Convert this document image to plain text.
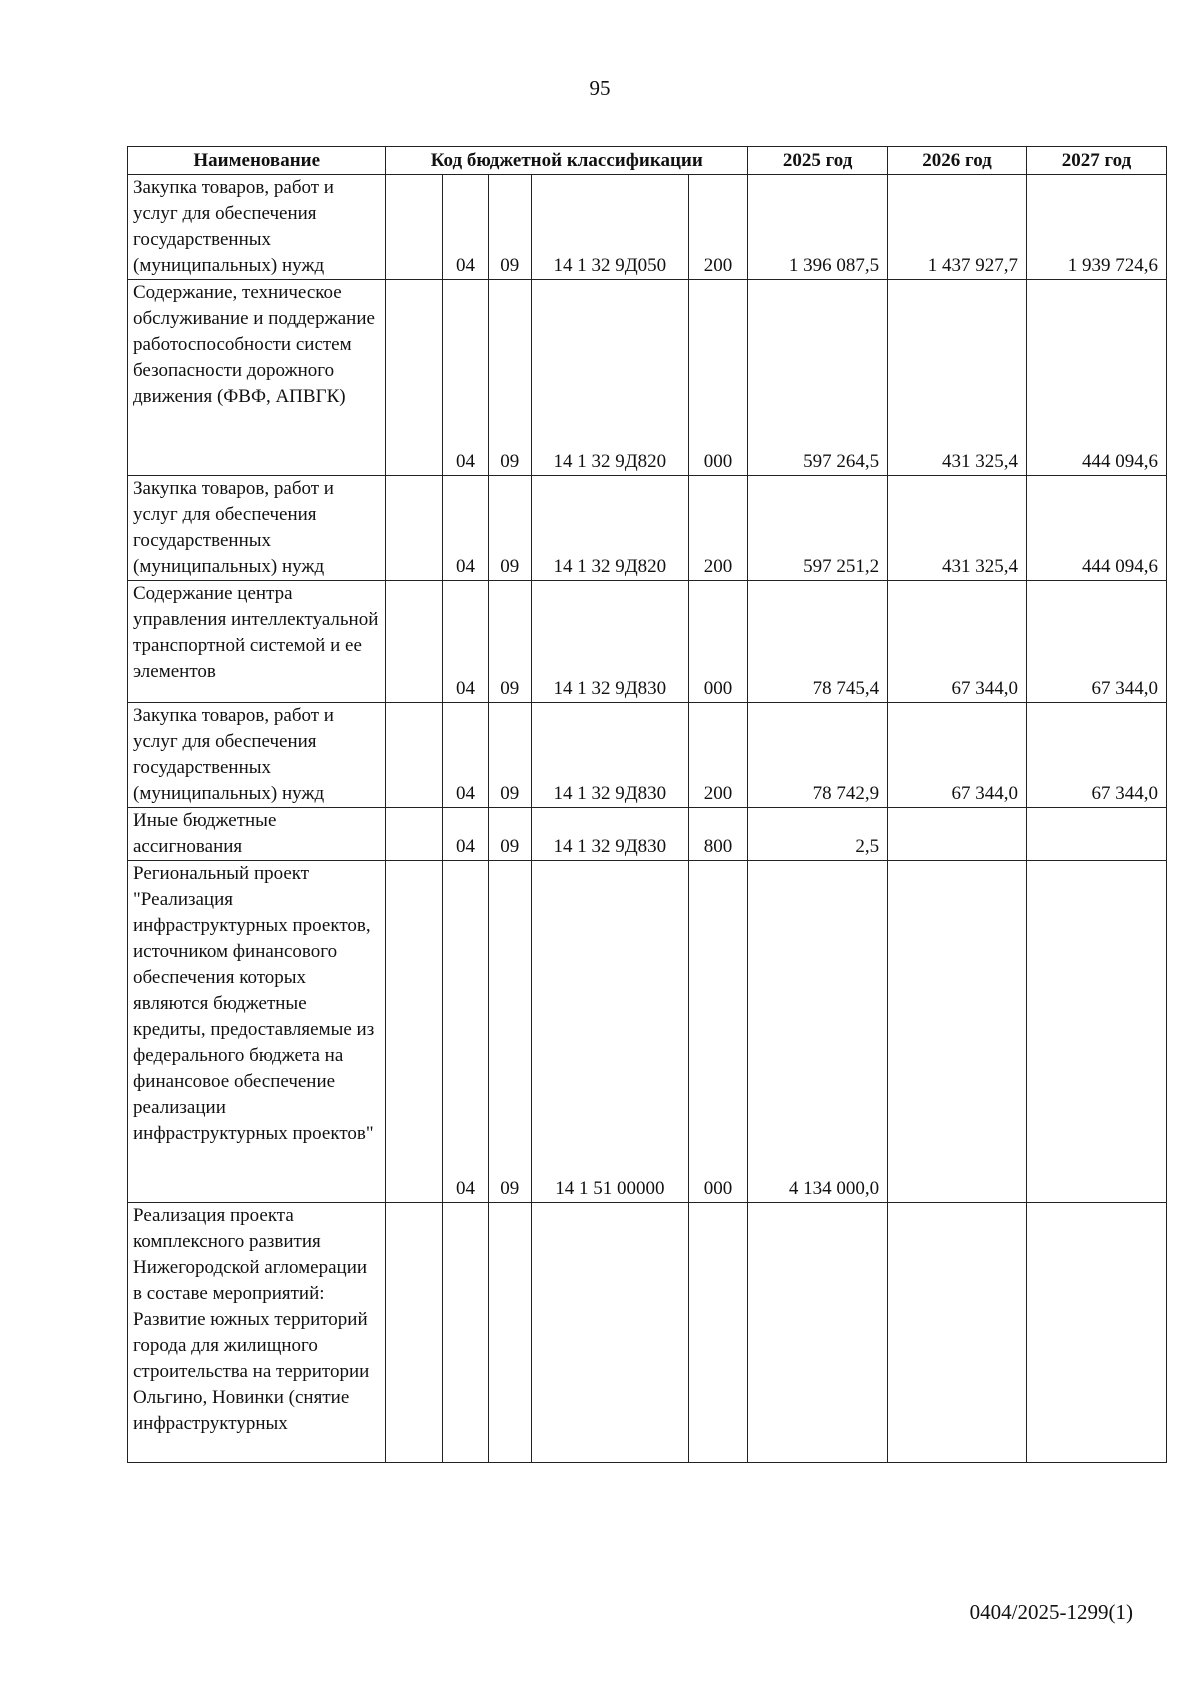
95
Наименование	Код бюджетной классификации					2025 год	2026 год	2027 год
Закупка товаров, работ и услуг для обеспечения государственных (муниципальных) нужд		04	09	14 1 32 9Д050	200	1 396 087,5	1 437 927,7	1 939 724,6
Содержание, техническое обслуживание и поддержание работоспособности систем безопасности дорожного движения (ФВФ, АПВГК)		04	09	14 1 32 9Д820	000	597 264,5	431 325,4	444 094,6
Закупка товаров, работ и услуг для обеспечения государственных (муниципальных) нужд		04	09	14 1 32 9Д820	200	597 251,2	431 325,4	444 094,6
Содержание центра управления интеллектуальной транспортной системой и ее элементов		04	09	14 1 32 9Д830	000	78 745,4	67 344,0	67 344,0
Закупка товаров, работ и услуг для обеспечения государственных (муниципальных) нужд		04	09	14 1 32 9Д830	200	78 742,9	67 344,0	67 344,0
Иные бюджетные ассигнования		04	09	14 1 32 9Д830	800	2,5		
Региональный проект "Реализация инфраструктурных проектов, источником финансового обеспечения которых являются бюджетные кредиты, предоставляемые из федерального бюджета на финансовое обеспечение реализации инфраструктурных проектов"		04	09	14 1 51 00000	000	4 134 000,0		
Реализация проекта комплексного развития Нижегородской агломерации в составе мероприятий: Развитие южных территорий города для жилищного строительства на территории Ольгино, Новинки (снятие инфраструктурных								
0404/2025-1299(1)
